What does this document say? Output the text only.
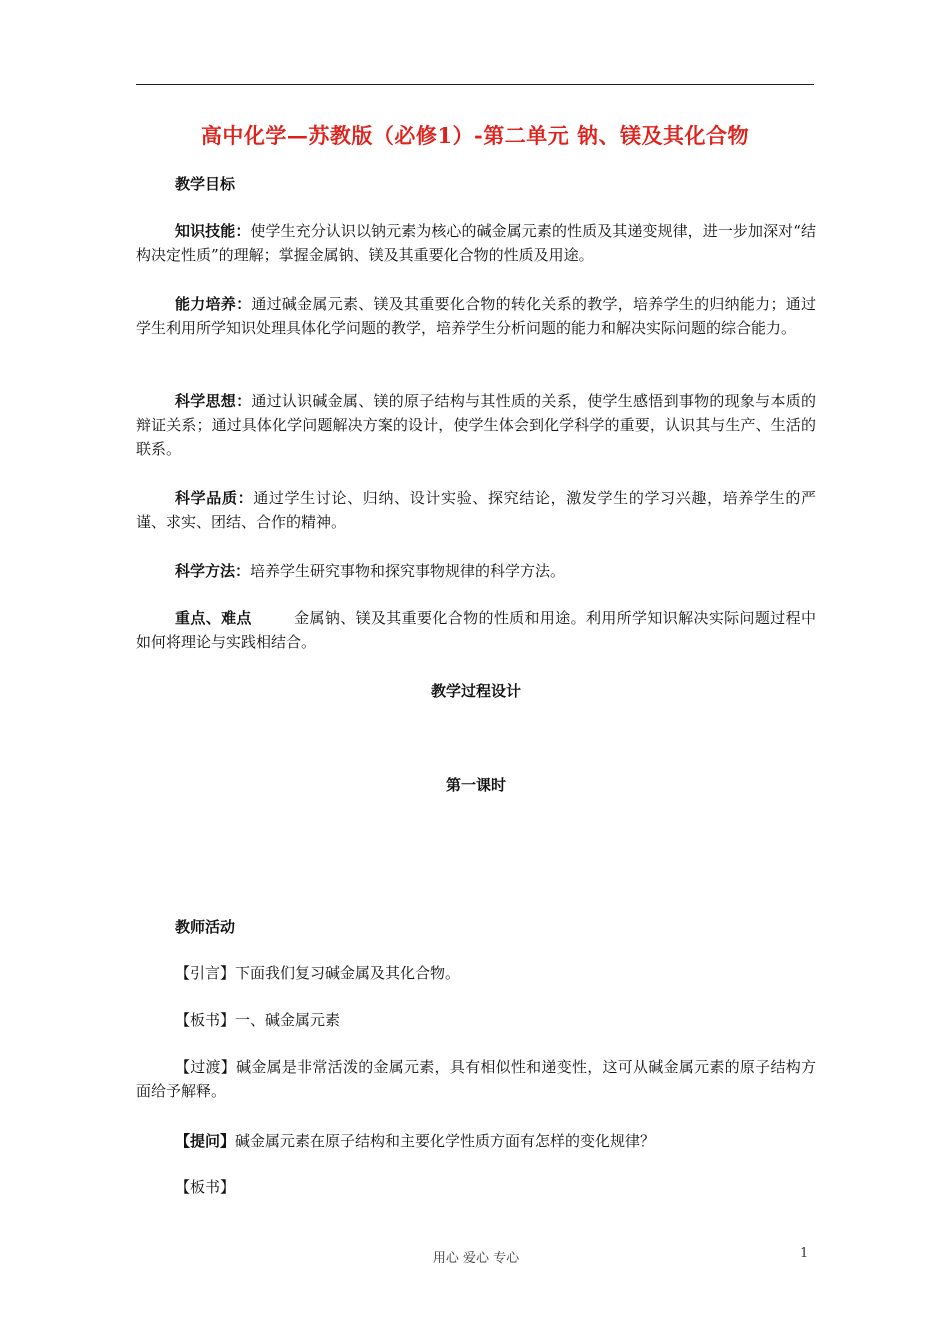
高中化学—苏教版（必修1）-第二单元 钠、镁及其化合物
教学目标
知识技能：使学生充分认识以钠元素为核心的碱金属元素的性质及其递变规律，进一步加深对“结构决定性质”的理解；掌握金属钠、镁及其重要化合物的性质及用途。
能力培养：通过碱金属元素、镁及其重要化合物的转化关系的教学，培养学生的归纳能力；通过学生利用所学知识处理具体化学问题的教学，培养学生分析问题的能力和解决实际问题的综合能力。
科学思想：通过认识碱金属、镁的原子结构与其性质的关系，使学生感悟到事物的现象与本质的辩证关系；通过具体化学问题解决方案的设计，使学生体会到化学科学的重要，认识其与生产、生活的联系。
科学品质：通过学生讨论、归纳、设计实验、探究结论，激发学生的学习兴趣，培养学生的严谨、求实、团结、合作的精神。
科学方法：培养学生研究事物和探究事物规律的科学方法。
重点、难点	金属钠、镁及其重要化合物的性质和用途。利用所学知识解决实际问题过程中如何将理论与实践相结合。
教学过程设计
第一课时
教师活动
【引言】下面我们复习碱金属及其化合物。
【板书】一、碱金属元素
【过渡】碱金属是非常活泼的金属元素，具有相似性和递变性，这可从碱金属元素的原子结构方面给予解释。
【提问】碱金属元素在原子结构和主要化学性质方面有怎样的变化规律？
【板书】
用心 爱心 专心	1
